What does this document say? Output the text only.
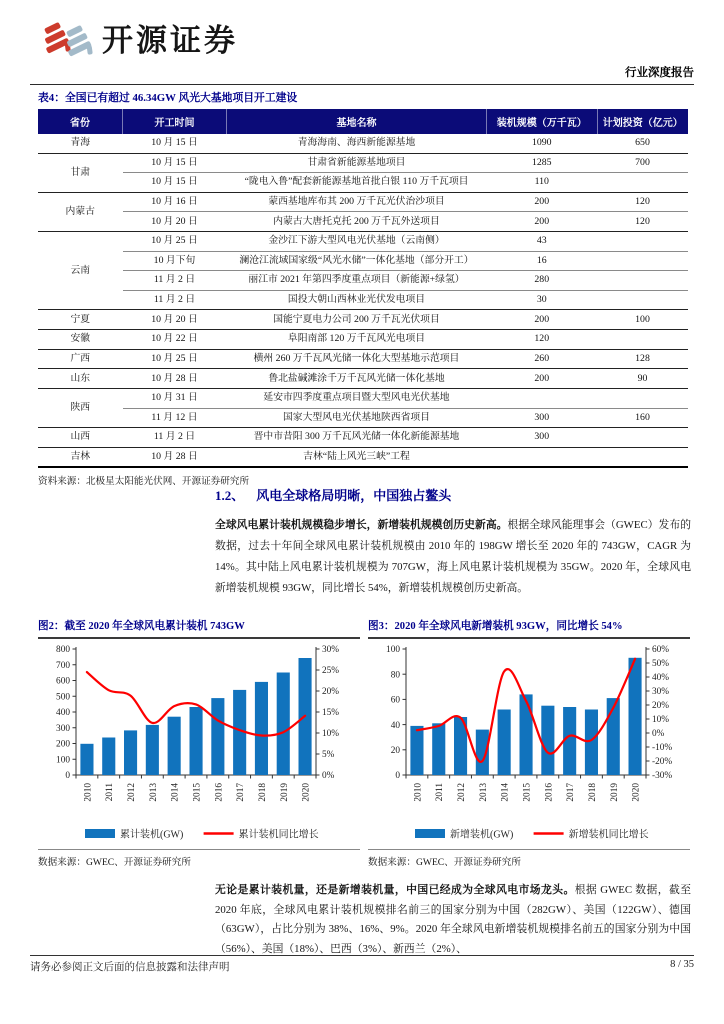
开源证券
行业深度报告
表4：全国已有超过 46.34GW 风光大基地项目开工建设
省份	开工时间	基地名称	装机规模（万千瓦）	计划投资（亿元）
青海	10 月 15 日	青海海南、海西新能源基地	1090	650
甘肃	10 月 15 日	甘肃省新能源基地项目	1285	700
	10 月 15 日	“陇电入鲁”配套新能源基地首批白银 110 万千瓦项目	110	
内蒙古	10 月 16 日	蒙西基地库布其 200 万千瓦光伏治沙项目	200	120
	10 月 20 日	内蒙古大唐托克托 200 万千瓦外送项目	200	120
云南	10 月 25 日	金沙江下游大型风电光伏基地（云南侧）	43	
	10 月下旬	澜沧江流域国家级“风光水储”一体化基地（部分开工）	16	
	11 月 2 日	丽江市 2021 年第四季度重点项目（新能源+绿氢）	280	
	11 月 2 日	国投大朝山西林业光伏发电项目	30	
宁夏	10 月 20 日	国能宁夏电力公司 200 万千瓦光伏项目	200	100
安徽	10 月 22 日	阜阳南部 120 万千瓦风光电项目	120	
广西	10 月 25 日	横州 260 万千瓦风光储一体化大型基地示范项目	260	128
山东	10 月 28 日	鲁北盐碱滩涂千万千瓦风光储一体化基地	200	90
陕西	10 月 31 日	延安市四季度重点项目暨大型风电光伏基地		
	11 月 12 日	国家大型风电光伏基地陕西省项目	300	160
山西	11 月 2 日	晋中市昔阳 300 万千瓦风光储一体化新能源基地	300	
吉林	10 月 28 日	吉林“陆上风光三峡”工程		
资料来源：北极星太阳能光伏网、开源证券研究所
1.2、 风电全球格局明晰，中国独占鳌头

全球风电累计装机规模稳步增长，新增装机规模创历史新高。根据全球风能理事会（GWEC）发布的数据，过去十年间全球风电累计装机规模由 2010 年的 198GW 增长至 2020 年的 743GW，CAGR 为 14%。其中陆上风电累计装机规模为 707GW，海上风电累计装机规模为 35GW。2020 年，全球风电新增装机规模 93GW，同比增长 54%，新增装机规模创历史新高。

图2：截至 2020 年全球风电累计装机 743GW
0
100
200
300
400
500
600
700
800
0%
5%
10%
15%
20%
25%
30%
2010 2011 2012 2013 2014 2015 2016 2017 2018 2019 2020
累计装机(GW)	累计装机同比增长
数据来源：GWEC、开源证券研究所
图3：2020 年全球风电新增装机 93GW，同比增长 54%
0
20
40
60
80
100
-30%
-20%
-10%
0%
10%
20%
30%
40%
50%
60%
2010 2011 2012 2013 2014 2015 2016 2017 2018 2019 2020
新增装机(GW)	新增装机同比增长
数据来源：GWEC、开源证券研究所

无论是累计装机量，还是新增装机量，中国已经成为全球风电市场龙头。根据 GWEC 数据，截至 2020 年底，全球风电累计装机规模排名前三的国家分别为中国（282GW）、美国（122GW）、德国（63GW），占比分别为 38%、16%、9%。2020 年全球风电新增装机规模排名前五的国家分别为中国（56%）、美国（18%）、巴西（3%）、新西兰（2%）、

请务必参阅正文后面的信息披露和法律声明	8 / 35
